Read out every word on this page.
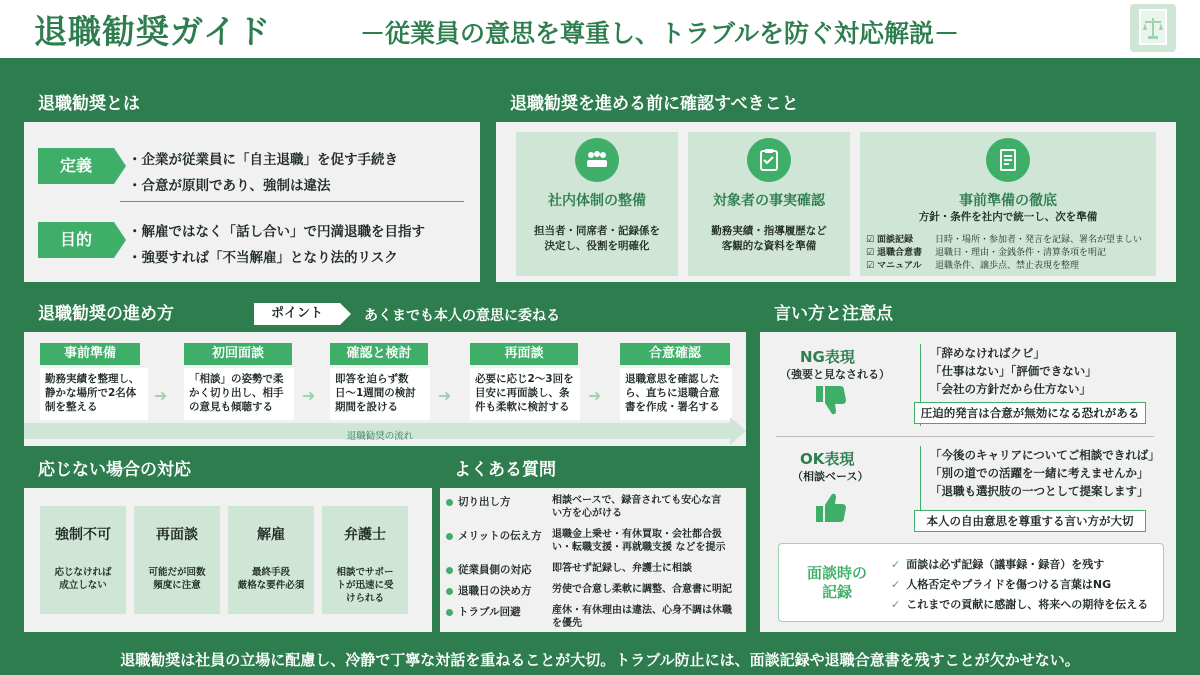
退職勧奨ガイド	－従業員の意思を尊重し、トラブルを防ぐ対応解説－
退職勧奨とは
定義	・企業が従業員に「自主退職」を促す手続き
・合意が原則であり、強制は違法
目的	・解雇ではなく「話し合い」で円満退職を目指す
・強要すれば「不当解雇」となり法的リスク
退職勧奨を進める前に確認すべきこと
社内体制の整備
担当者・同席者・記録係を
決定し、役割を明確化
対象者の事実確認
勤務実績・指導履歴など
客観的な資料を準備
事前準備の徹底
方針・条件を社内で統一し、次を準備
☑ 面談記録 日時・場所・参加者・発言を記録、署名が望ましい
☑ 退職合意書 退職日・理由・金銭条件・清算条項を明記
☑ マニュアル 退職条件、譲歩点、禁止表現を整理
退職勧奨の進め方	ポイント	あくまでも本人の意思に委ねる
事前準備
勤務実績を整理し、静かな場所で2名体制を整える
➜
初回面談
「相談」の姿勢で柔かく切り出し、相手の意見も傾聴する
➜
確認と検討
即答を迫らず数日〜1週間の検討期間を設ける
➜
再面談
必要に応じ2〜3回を目安に再面談し、条件も柔軟に検討する
➜
合意確認
退職意思を確認したら、直ちに退職合意書を作成・署名する
退職勧奨の流れ
応じない場合の対応
強制不可
応じなければ
成立しない
再面談
可能だが回数
頻度に注意
解雇
最終手段
厳格な要件必須
弁護士
相談でサポー
トが迅速に受
けられる
よくある質問
切り出し方	相談ベースで、録音されても安心な言
い方を心がける
メリットの伝え方 退職金上乗せ・有休買取・会社都合扱
い・転職支援・再就職支援 などを提示
従業員側の対応 即答せず記録し、弁護士に相談
退職日の決め方 労使で合意し柔軟に調整、合意書に明記
トラブル回避	産休・有休理由は違法、心身不調は休職
を優先
言い方と注意点
NG表現
（強要と見なされる）
「辞めなければクビ」
「仕事はない」「評価できない」
「会社の方針だから仕方ない」
圧迫的発言は合意が無効になる恐れがある
OK表現
（相談ベース）
「今後のキャリアについてご相談できれば」
「別の道での活躍を一緒に考えませんか」
「退職も選択肢の一つとして提案します」
本人の自由意思を尊重する言い方が大切
面談時の
記録
✓ 面談は必ず記録（議事録・録音）を残す
✓ 人格否定やプライドを傷つける言葉はNG
✓ これまでの貢献に感謝し、将来への期待を伝える
退職勧奨は社員の立場に配慮し、冷静で丁寧な対話を重ねることが大切。トラブル防止には、面談記録や退職合意書を残すことが欠かせない。
